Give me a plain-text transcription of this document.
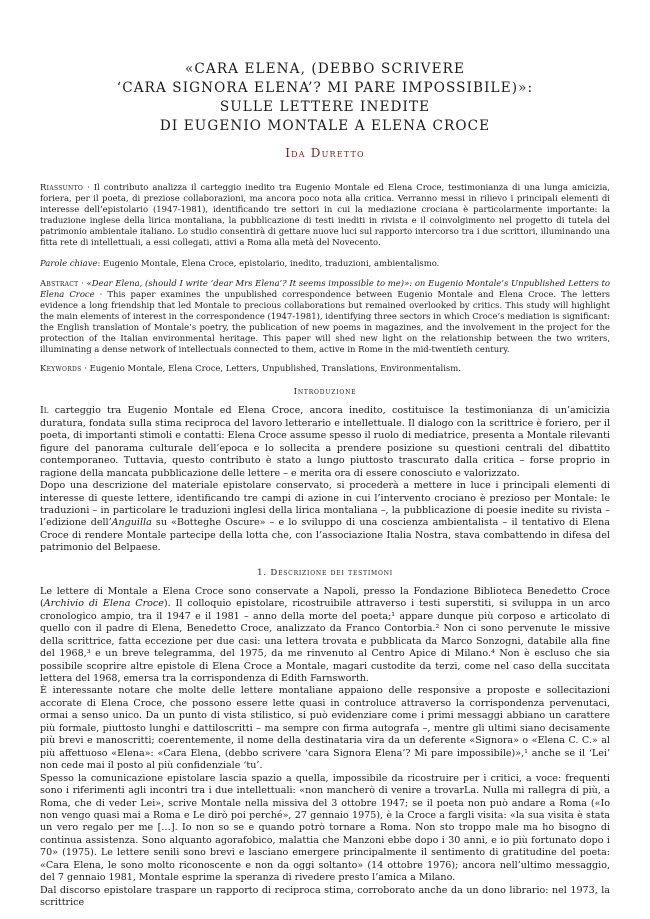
«CARA ELENA, (DEBBO SCRIVERE
‘CARA SIGNORA ELENA’? MI PARE IMPOSSIBILE)»:
SULLE LETTERE INEDITE
DI EUGENIO MONTALE A ELENA CROCE
Ida Duretto

Riassunto · Il contributo analizza il carteggio inedito tra Eugenio Montale ed Elena Croce, testimonianza di una lunga amicizia, foriera, per il poeta, di preziose collaborazioni, ma ancora poco nota alla critica. Verranno messi in rilievo i principali elementi di interesse dell’epistolario (1947-1981), identificando tre settori in cui la mediazione crociana è particolarmente importante: la traduzione inglese della lirica montaliana, la pubblicazione di testi inediti in rivista e il coinvolgimento nel progetto di tutela del patrimonio ambientale italiano. Lo studio consentirà di gettare nuove luci sul rapporto intercorso tra i due scrittori, illuminando una fitta rete di intellettuali, a essi collegati, attivi a Roma alla metà del Novecento.

Parole chiave: Eugenio Montale, Elena Croce, epistolario, inedito, traduzioni, ambientalismo.

Abstract · «Dear Elena, (should I write ‘dear Mrs Elena’? It seems impossible to me)»: on Eugenio Montale’s Unpublished Letters to Elena Croce · This paper examines the unpublished correspondence between Eugenio Montale and Elena Croce. The letters evidence a long friendship that led Montale to precious collaborations but remained overlooked by critics. This study will highlight the main elements of interest in the correspondence (1947-1981), identifying three sectors in which Croce’s mediation is significant: the English translation of Montale’s poetry, the publication of new poems in magazines, and the involvement in the project for the protection of the Italian environmental heritage. This paper will shed new light on the relationship between the two writers, illuminating a dense network of intellectuals connected to them, active in Rome in the mid-twentieth century.

Keywords · Eugenio Montale, Elena Croce, Letters, Unpublished, Translations, Environmentalism.

Introduzione

Il carteggio tra Eugenio Montale ed Elena Croce, ancora inedito, costituisce la testimonianza di un’amicizia duratura, fondata sulla stima reciproca del lavoro letterario e intellettuale. Il dialogo con la scrittrice è foriero, per il poeta, di importanti stimoli e contatti: Elena Croce assume spesso il ruolo di mediatrice, presenta a Montale rilevanti figure del panorama culturale dell’epoca e lo sollecita a prendere posizione su questioni centrali del dibattito contemporaneo. Tuttavia, questo contributo è stato a lungo piuttosto trascurato dalla critica – forse proprio in ragione della mancata pubblicazione delle lettere – e merita ora di essere conosciuto e valorizzato.

Dopo una descrizione del materiale epistolare conservato, si procederà a mettere in luce i principali elementi di interesse di queste lettere, identificando tre campi di azione in cui l’intervento crociano è prezioso per Montale: le traduzioni – in particolare le traduzioni inglesi della lirica montaliana –, la pubblicazione di poesie inedite su rivista – l’edizione dell’Anguilla su «Botteghe Oscure» – e lo sviluppo di una coscienza ambientalista – il tentativo di Elena Croce di rendere Montale partecipe della lotta che, con l’associazione Italia Nostra, stava combattendo in difesa del patrimonio del Belpaese.

1. Descrizione dei testimoni

Le lettere di Montale a Elena Croce sono conservate a Napoli, presso la Fondazione Biblioteca Benedetto Croce (Archivio di Elena Croce). Il colloquio epistolare, ricostruibile attraverso i testi superstiti, si sviluppa in un arco cronologico ampio, tra il 1947 e il 1981 – anno della morte del poeta;¹ appare dunque più corposo e articolato di quello con il padre di Elena, Benedetto Croce, analizzato da Franco Contorbia.² Non ci sono pervenute le missive della scrittrice, fatta eccezione per due casi: una lettera trovata e pubblicata da Marco Sonzogni, databile alla fine del 1968,³ e un breve telegramma, del 1975, da me rinvenuto al Centro Apice di Milano.⁴ Non è escluso che sia possibile scoprire altre epistole di Elena Croce a Montale, magari custodite da terzi, come nel caso della succitata lettera del 1968, emersa tra la corrispondenza di Edith Farnsworth.

È interessante notare che molte delle lettere montaliane appaiono delle responsive a proposte e sollecitazioni accorate di Elena Croce, che possono essere lette quasi in controluce attraverso la corrispondenza pervenutaci, ormai a senso unico. Da un punto di vista stilistico, si può evidenziare come i primi messaggi abbiano un carattere più formale, piuttosto lunghi e dattiloscritti – ma sempre con firma autografa –, mentre gli ultimi siano decisamente più brevi e manoscritti; coerentemente, il nome della destinataria vira da un deferente «Signora» o «Elena C. C.» al più affettuoso «Elena»: «Cara Elena, (debbo scrivere ‘cara Signora Elena’? Mi pare impossibile)»,¹ anche se il ‘Lei’ non cede mai il posto al più confidenziale ‘tu’.

Spesso la comunicazione epistolare lascia spazio a quella, impossibile da ricostruire per i critici, a voce: frequenti sono i riferimenti agli incontri tra i due intellettuali: «non mancherò di venire a trovarLa. Nulla mi rallegra di più, a Roma, che di veder Lei», scrive Montale nella missiva del 3 ottobre 1947; se il poeta non può andare a Roma («Io non vengo quasi mai a Roma e Le dirò poi perché», 27 gennaio 1975), è la Croce a fargli visita: «la sua visita è stata un vero regalo per me […]. Io non so se e quando potrò tornare a Roma. Non sto troppo male ma ho bisogno di continua assistenza. Sono alquanto agorafobico, malattia che Manzoni ebbe dopo i 30 anni, e io più fortunato dopo i 70» (1975). Le lettere senili sono brevi e lasciano emergere principalmente il sentimento di gratitudine del poeta: «Cara Elena, le sono molto riconoscente e non da oggi soltanto» (14 ottobre 1976); ancora nell’ultimo messaggio, del 7 gennaio 1981, Montale esprime la speranza di rivedere presto l’amica a Milano.

Dal discorso epistolare traspare un rapporto di reciproca stima, corroborato anche da un dono librario: nel 1973, la scrittrice
